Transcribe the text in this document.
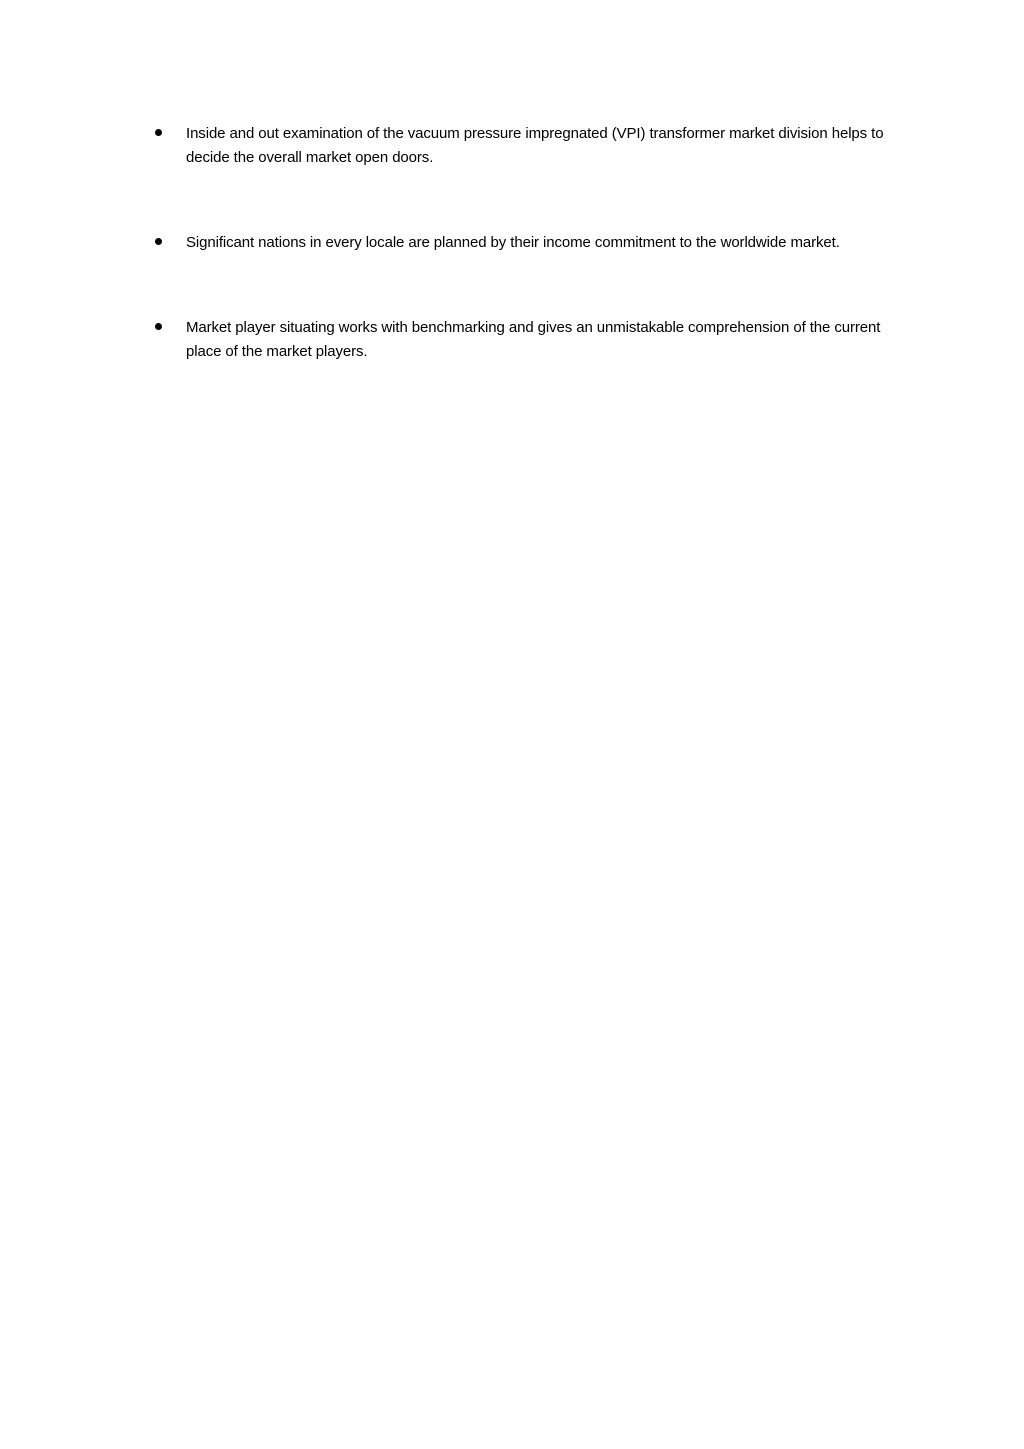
Inside and out examination of the vacuum pressure impregnated (VPI) transformer market division helps to decide the overall market open doors.
Significant nations in every locale are planned by their income commitment to the worldwide market.
Market player situating works with benchmarking and gives an unmistakable comprehension of the current place of the market players.
